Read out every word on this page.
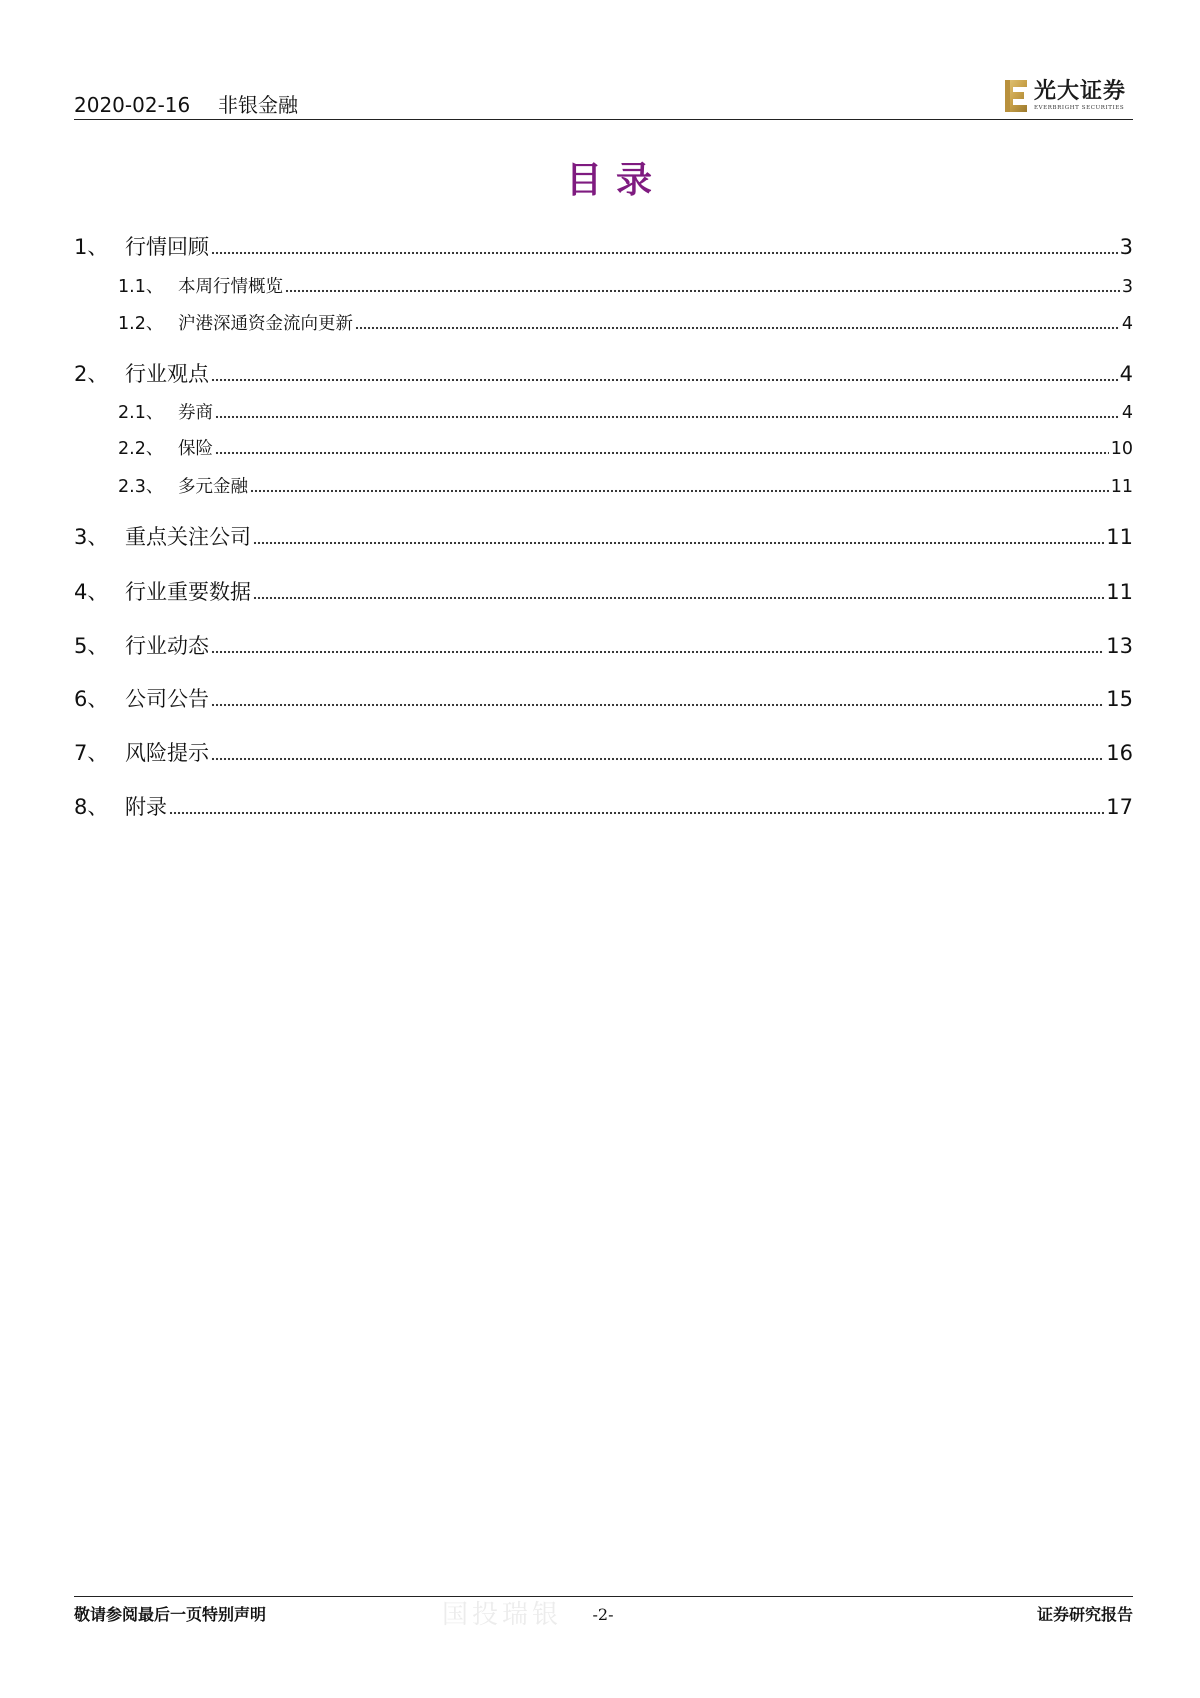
2020-02-16 非银金融
光大证券
EVERBRIGHT SECURITIES
目录
1、 行情回顾	3
1.1、 本周行情概览	3
1.2、 沪港深通资金流向更新	4
2、 行业观点	4
2.1、 券商	4
2.2、 保险	10
2.3、 多元金融	11
3、 重点关注公司	11
4、 行业重要数据	11
5、 行业动态	13
6、 公司公告	15
7、 风险提示	16
8、 附录	17
国投瑞银
敬请参阅最后一页特别声明	-2-	证券研究报告
